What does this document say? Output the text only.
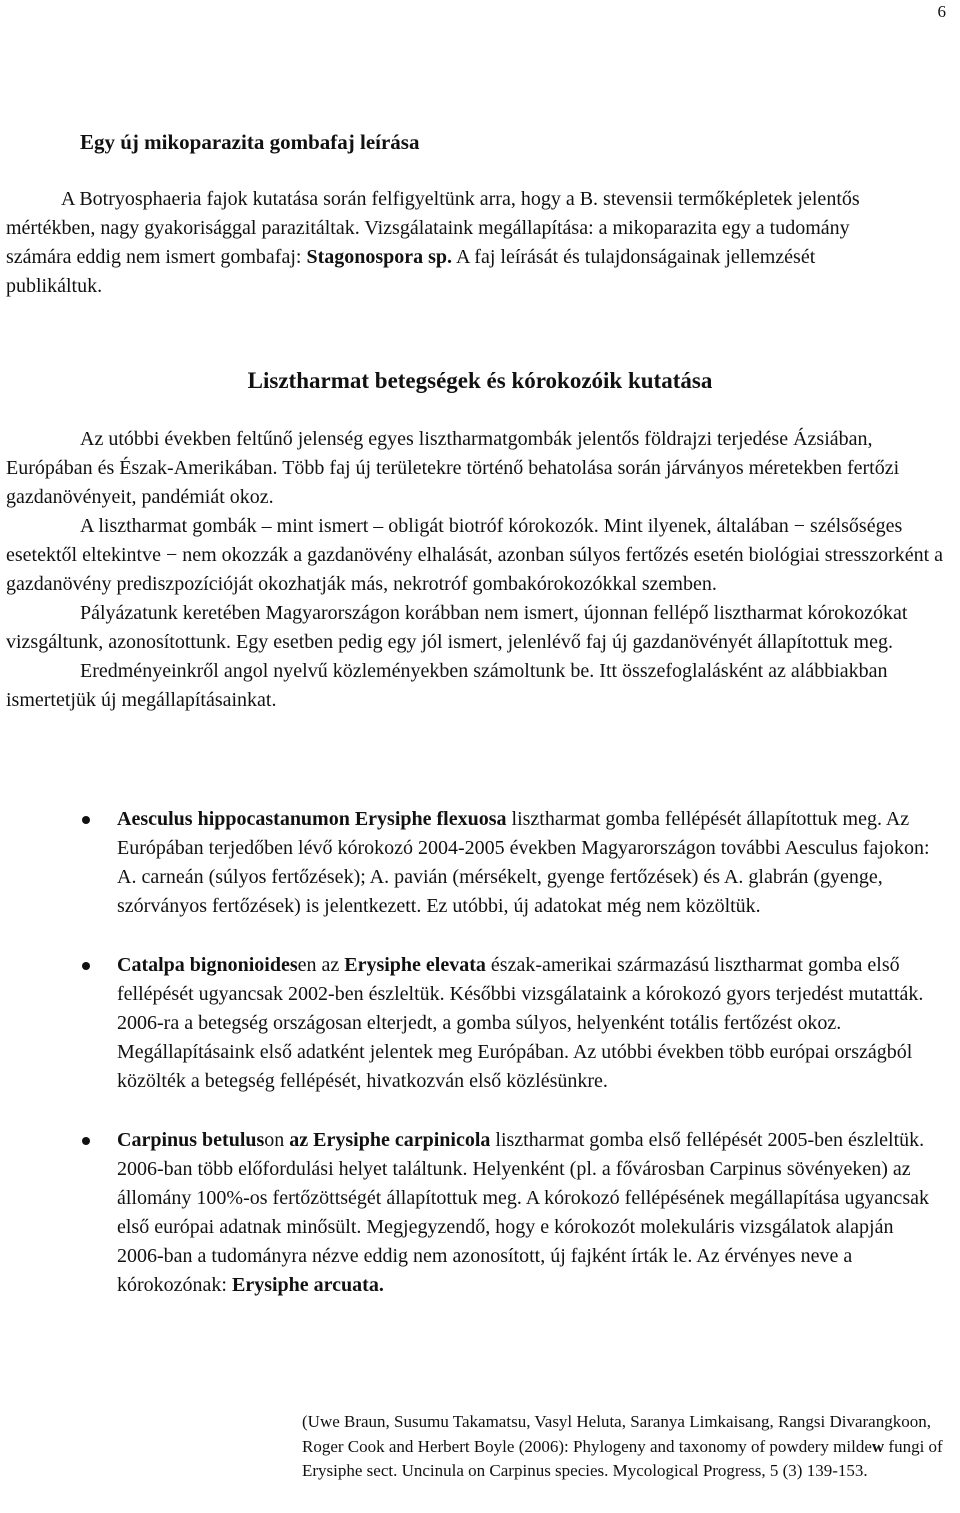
6
Egy új mikoparazita gombafaj leírása

A Botryosphaeria fajok kutatása során felfigyeltünk arra, hogy a B. stevensii termőképletek jelentős mértékben, nagy gyakorisággal parazitáltak. Vizsgálataink megállapítása: a mikoparazita egy a tudomány számára eddig nem ismert gombafaj: Stagonospora sp. A faj leírását és tulajdonságainak jellemzését publikáltuk.

Lisztharmat betegségek és kórokozóik kutatása

Az utóbbi években feltűnő jelenség egyes lisztharmatgombák jelentős földrajzi terjedése Ázsiában, Európában és Észak-Amerikában. Több faj új területekre történő behatolása során járványos méretekben fertőzi gazdanövényeit, pandémiát okoz.

A lisztharmat gombák – mint ismert – obligát biotróf kórokozók. Mint ilyenek, általában − szélsőséges esetektől eltekintve − nem okozzák a gazdanövény elhalását, azonban súlyos fertőzés esetén biológiai stresszorként a gazdanövény prediszpozícióját okozhatják más, nekrotróf gombakórokozókkal szemben.

Pályázatunk keretében Magyarországon korábban nem ismert, újonnan fellépő lisztharmat kórokozókat vizsgáltunk, azonosítottunk. Egy esetben pedig egy jól ismert, jelenlévő faj új gazdanövényét állapítottuk meg.

Eredményeinkről angol nyelvű közleményekben számoltunk be. Itt összefoglalásként az alábbiakban ismertetjük új megállapításainkat.

Aesculus hippocastanumon Erysiphe flexuosa lisztharmat gomba fellépését állapítottuk meg. Az Európában terjedőben lévő kórokozó 2004-2005 években Magyarországon további Aesculus fajokon: A. carneán (súlyos fertőzések); A. pavián (mérsékelt, gyenge fertőzések) és A. glabrán (gyenge, szórványos fertőzések) is jelentkezett. Ez utóbbi, új adatokat még nem közöltük.
Catalpa bignonioidesen az Erysiphe elevata észak-amerikai származású lisztharmat gomba első fellépését ugyancsak 2002-ben észleltük. Későbbi vizsgálataink a kórokozó gyors terjedést mutatták. 2006-ra a betegség országosan elterjedt, a gomba súlyos, helyenként totális fertőzést okoz. Megállapításaink első adatként jelentek meg Európában. Az utóbbi években több európai országból közölték a betegség fellépését, hivatkozván első közlésünkre.
Carpinus betuluson az Erysiphe carpinicola lisztharmat gomba első fellépését 2005-ben észleltük. 2006-ban több előfordulási helyet találtunk. Helyenként (pl. a fővárosban Carpinus sövényeken) az állomány 100%-os fertőzöttségét állapítottuk meg. A kórokozó fellépésének megállapítása ugyancsak első európai adatnak minősült. Megjegyzendő, hogy e kórokozót molekuláris vizsgálatok alapján 2006-ban a tudományra nézve eddig nem azonosított, új fajként írták le. Az érvényes neve a kórokozónak: Erysiphe arcuata.

(Uwe Braun, Susumu Takamatsu, Vasyl Heluta, Saranya Limkaisang, Rangsi Divarangkoon, Roger Cook and Herbert Boyle (2006): Phylogeny and taxonomy of powdery mildew fungi of Erysiphe sect. Uncinula on Carpinus species. Mycological Progress, 5 (3) 139-153.
